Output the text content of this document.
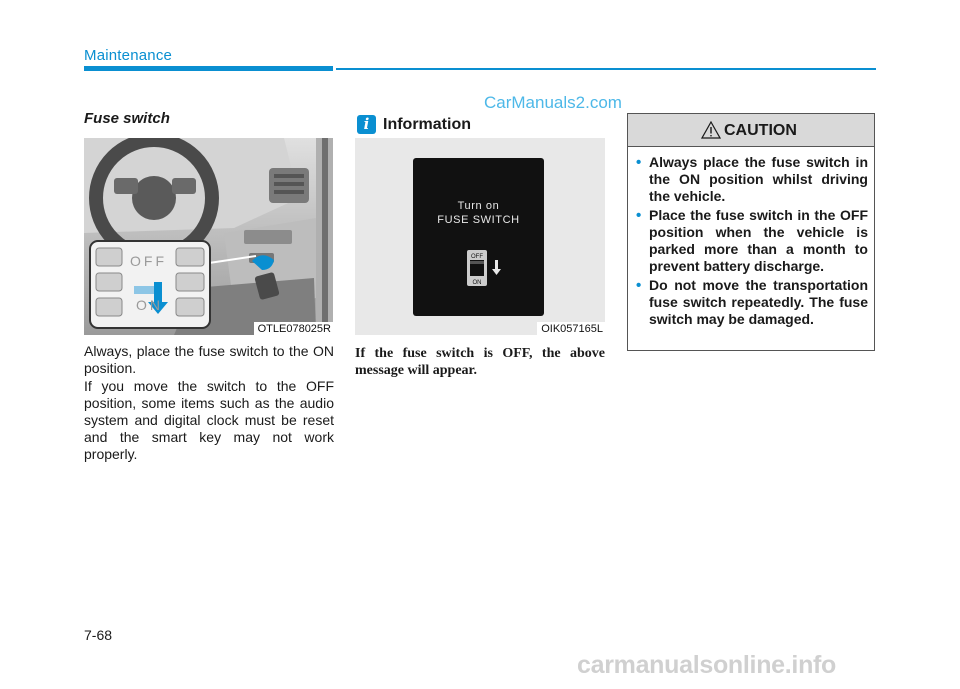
Maintenance
CarManuals2.com
Fuse switch
OFF
ON
OTLE078025R

Always, place the fuse switch to the ON position.

If you move the switch to the OFF position, some items such as the audio system and digital clock must be reset and the smart key may not work properly.

i Information
Turn on
FUSE SWITCH
OFF
ON
OIK057165L

If the fuse switch is OFF, the above message will appear.

CAUTION
• Always place the fuse switch in the ON position whilst driving the vehicle.
• Place the fuse switch in the OFF position when the vehicle is parked more than a month to prevent battery discharge.
• Do not move the transportation fuse switch repeatedly. The fuse switch may be damaged.
7-68
carmanualsonline.info
